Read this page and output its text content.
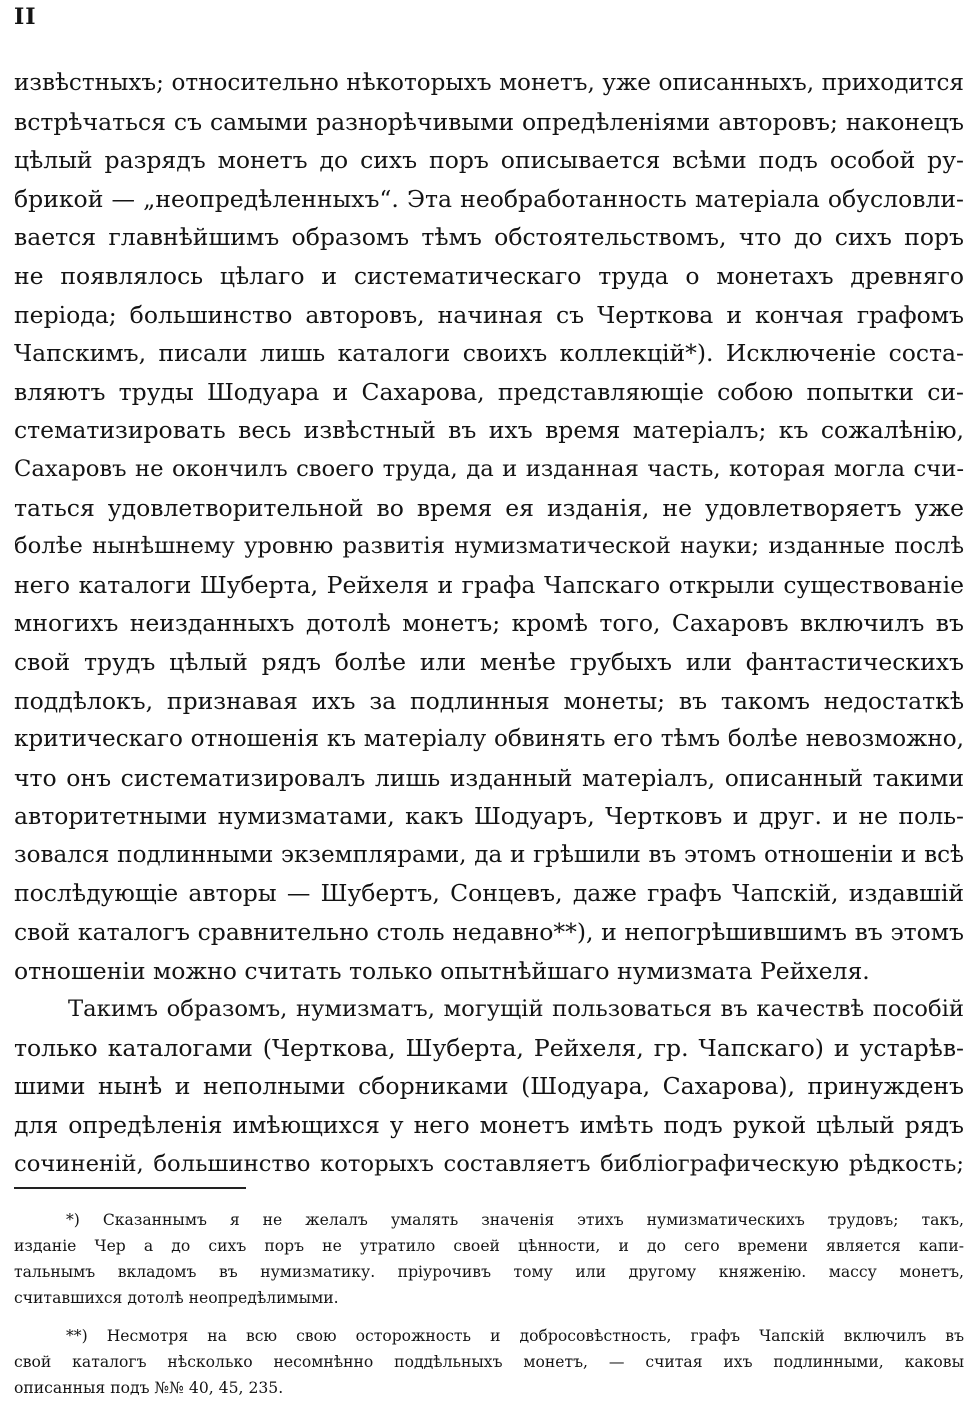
II
извѣстныхъ; относительно нѣкоторыхъ монетъ, уже описанныхъ, приходится
встрѣчаться съ самыми разнорѣчивыми опредѣленіями авторовъ; наконецъ
цѣлый разрядъ монетъ до сихъ поръ описывается всѣми подъ особой ру-
брикой — „неопредѣленныхъ“. Эта необработанность матеріала обусловли-
вается главнѣйшимъ образомъ тѣмъ обстоятельствомъ, что до сихъ поръ
не появлялось цѣлаго и систематическаго труда о монетахъ древняго
періода; большинство авторовъ, начиная съ Черткова и кончая графомъ
Чапскимъ, писали лишь каталоги своихъ коллекцій*). Исключеніе соста-
вляютъ труды Шодуара и Сахарова, представляющіе собою попытки си-
стематизировать весь извѣстный въ ихъ время матеріалъ; къ сожалѣнію,
Сахаровъ не окончилъ своего труда, да и изданная часть, которая могла счи-
таться удовлетворительной во время ея изданія, не удовлетворяетъ уже
болѣе нынѣшнему уровню развитія нумизматической науки; изданные послѣ
него каталоги Шуберта, Рейхеля и графа Чапскаго открыли существованіе
многихъ неизданныхъ дотолѣ монетъ; кромѣ того, Сахаровъ включилъ въ
свой трудъ цѣлый рядъ болѣе или менѣе грубыхъ или фантастическихъ
поддѣлокъ, признавая ихъ за подлинныя монеты; въ такомъ недостаткѣ
критическаго отношенія къ матеріалу обвинять его тѣмъ болѣе невозможно,
что онъ систематизировалъ лишь изданный матеріалъ, описанный такими
авторитетными нумизматами, какъ Шодуаръ, Чертковъ и друг. и не поль-
зовался подлинными экземплярами, да и грѣшили въ этомъ отношеніи и всѣ
послѣдующіе авторы — Шубертъ, Сонцевъ, даже графъ Чапскій, издавшій
свой каталогъ сравнительно столь недавно**), и непогрѣшившимъ въ этомъ
отношеніи можно считать только опытнѣйшаго нумизмата Рейхеля.
Такимъ образомъ, нумизматъ, могущій пользоваться въ качествѣ пособій
только каталогами (Черткова, Шуберта, Рейхеля, гр. Чапскаго) и устарѣв-
шими нынѣ и неполными сборниками (Шодуара, Сахарова), принужденъ
для опредѣленія имѣющихся у него монетъ имѣть подъ рукой цѣлый рядъ
сочиненій, большинство которыхъ составляетъ библіографическую рѣдкость;
*) Сказаннымъ я не желалъ умалять значенія этихъ нумизматическихъ трудовъ; такъ,
изданіе Чер а до сихъ поръ не утратило своей цѣнности, и до сего времени является капи-
тальнымъ вкладомъ въ нумизматику. пріурочивъ тому или другому княженію. массу монетъ,
считавшихся дотолѣ неопредѣлимыми.
**) Несмотря на всю свою осторожность и добросовѣстность, графъ Чапскій включилъ въ
свой каталогъ нѣсколько несомнѣнно поддѣльныхъ монетъ, — считая ихъ подлинными, каковы
описанныя подъ №№ 40, 45, 235.
